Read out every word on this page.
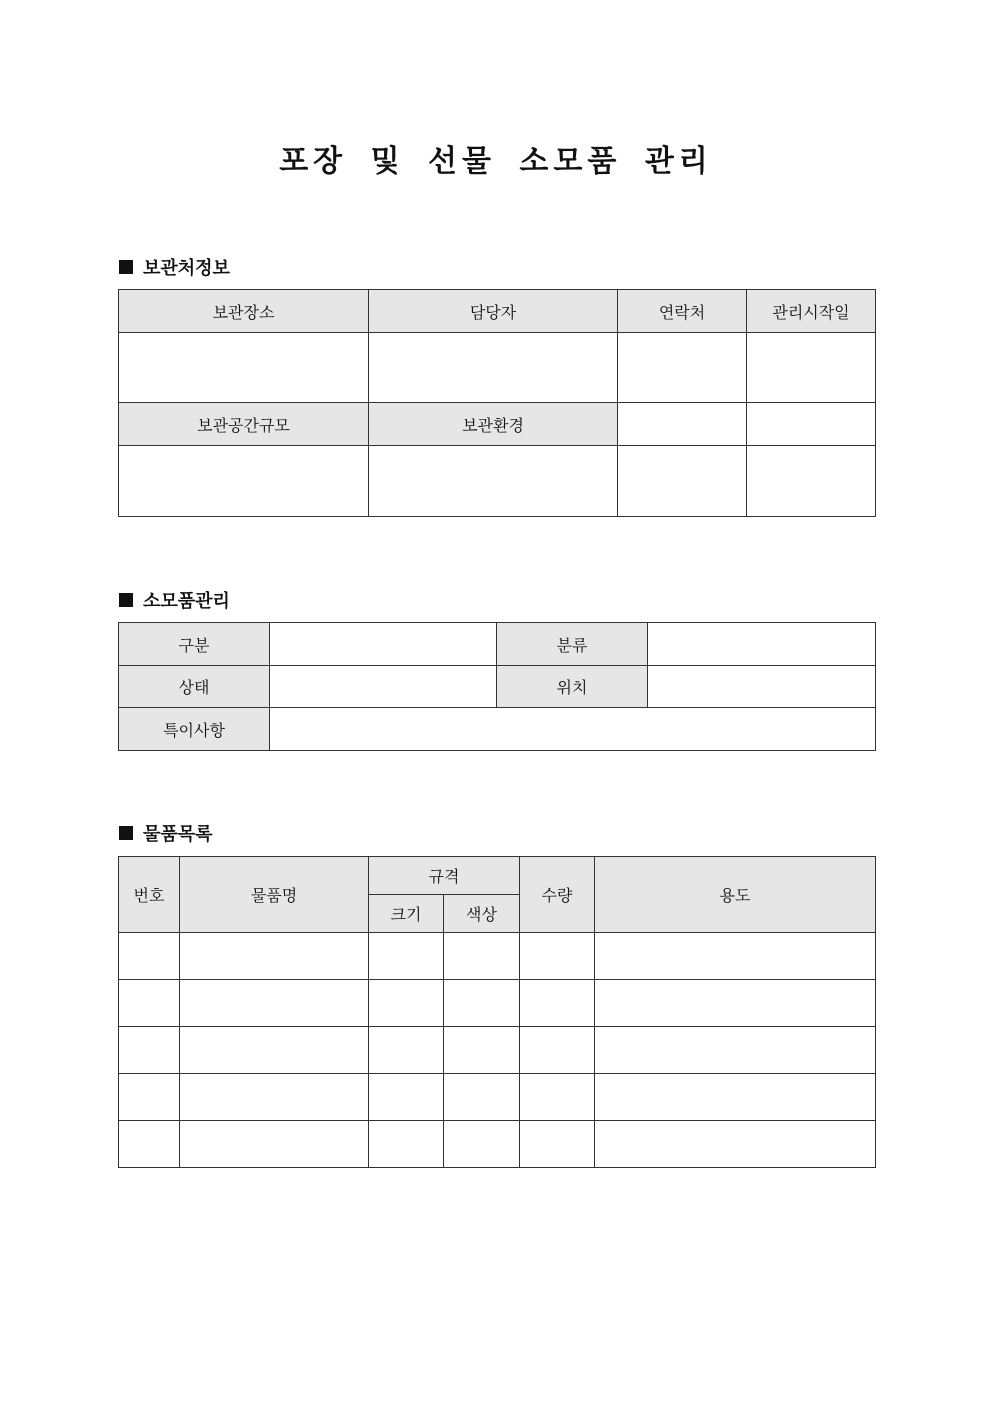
포장 및 선물 소모품 관리
보관처정보
보관장소	담당자	연락처	관리시작일

보관공간규모	보관환경		

소모품관리
구분		분류	
상태		위치	
특이사항			
물품목록
번호	물품명	규격		수량	용도
		크기	색상		
